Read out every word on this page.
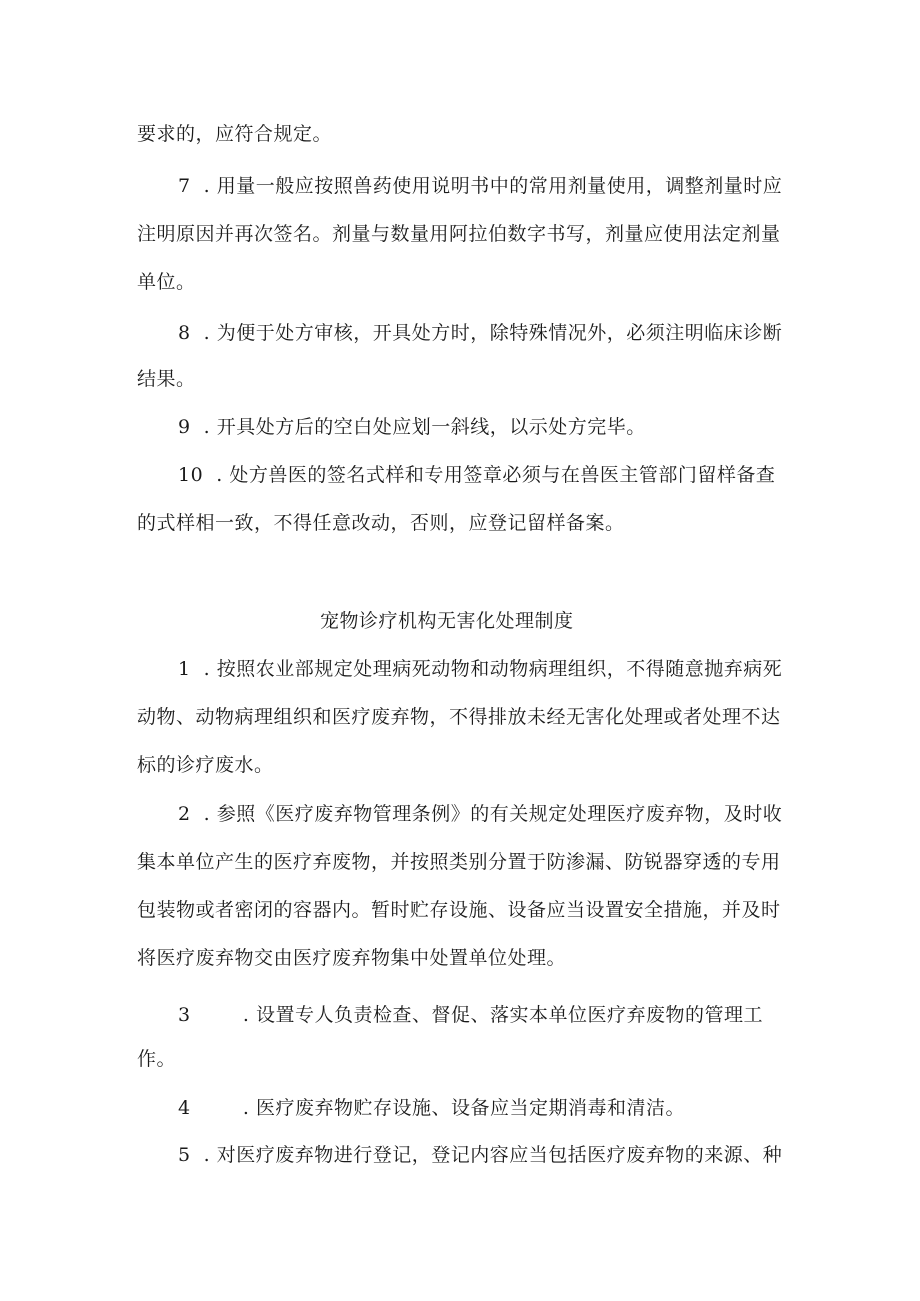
要求的，应符合规定。
7  . 用量一般应按照兽药使用说明书中的常用剂量使用，调整剂量时应
注明原因并再次签名。剂量与数量用阿拉伯数字书写，剂量应使用法定剂量
单位。
8  . 为便于处方审核，开具处方时，除特殊情况外，必须注明临床诊断
结果。
9  . 开具处方后的空白处应划一斜线，以示处方完毕。
10  . 处方兽医的签名式样和专用签章必须与在兽医主管部门留样备查
的式样相一致，不得任意改动，否则，应登记留样备案。
宠物诊疗机构无害化处理制度
1  . 按照农业部规定处理病死动物和动物病理组织，不得随意抛弃病死
动物、动物病理组织和医疗废弃物，不得排放未经无害化处理或者处理不达
标的诊疗废水。
2  . 参照《医疗废弃物管理条例》的有关规定处理医疗废弃物，及时收
集本单位产生的医疗弃废物，并按照类别分置于防渗漏、防锐器穿透的专用
包装物或者密闭的容器内。暂时贮存设施、设备应当设置安全措施，并及时
将医疗废弃物交由医疗废弃物集中处置单位处理。
3        . 设置专人负责检查、督促、落实本单位医疗弃废物的管理工
作。
4        . 医疗废弃物贮存设施、设备应当定期消毒和清洁。
5  . 对医疗废弃物进行登记，登记内容应当包括医疗废弃物的来源、种
